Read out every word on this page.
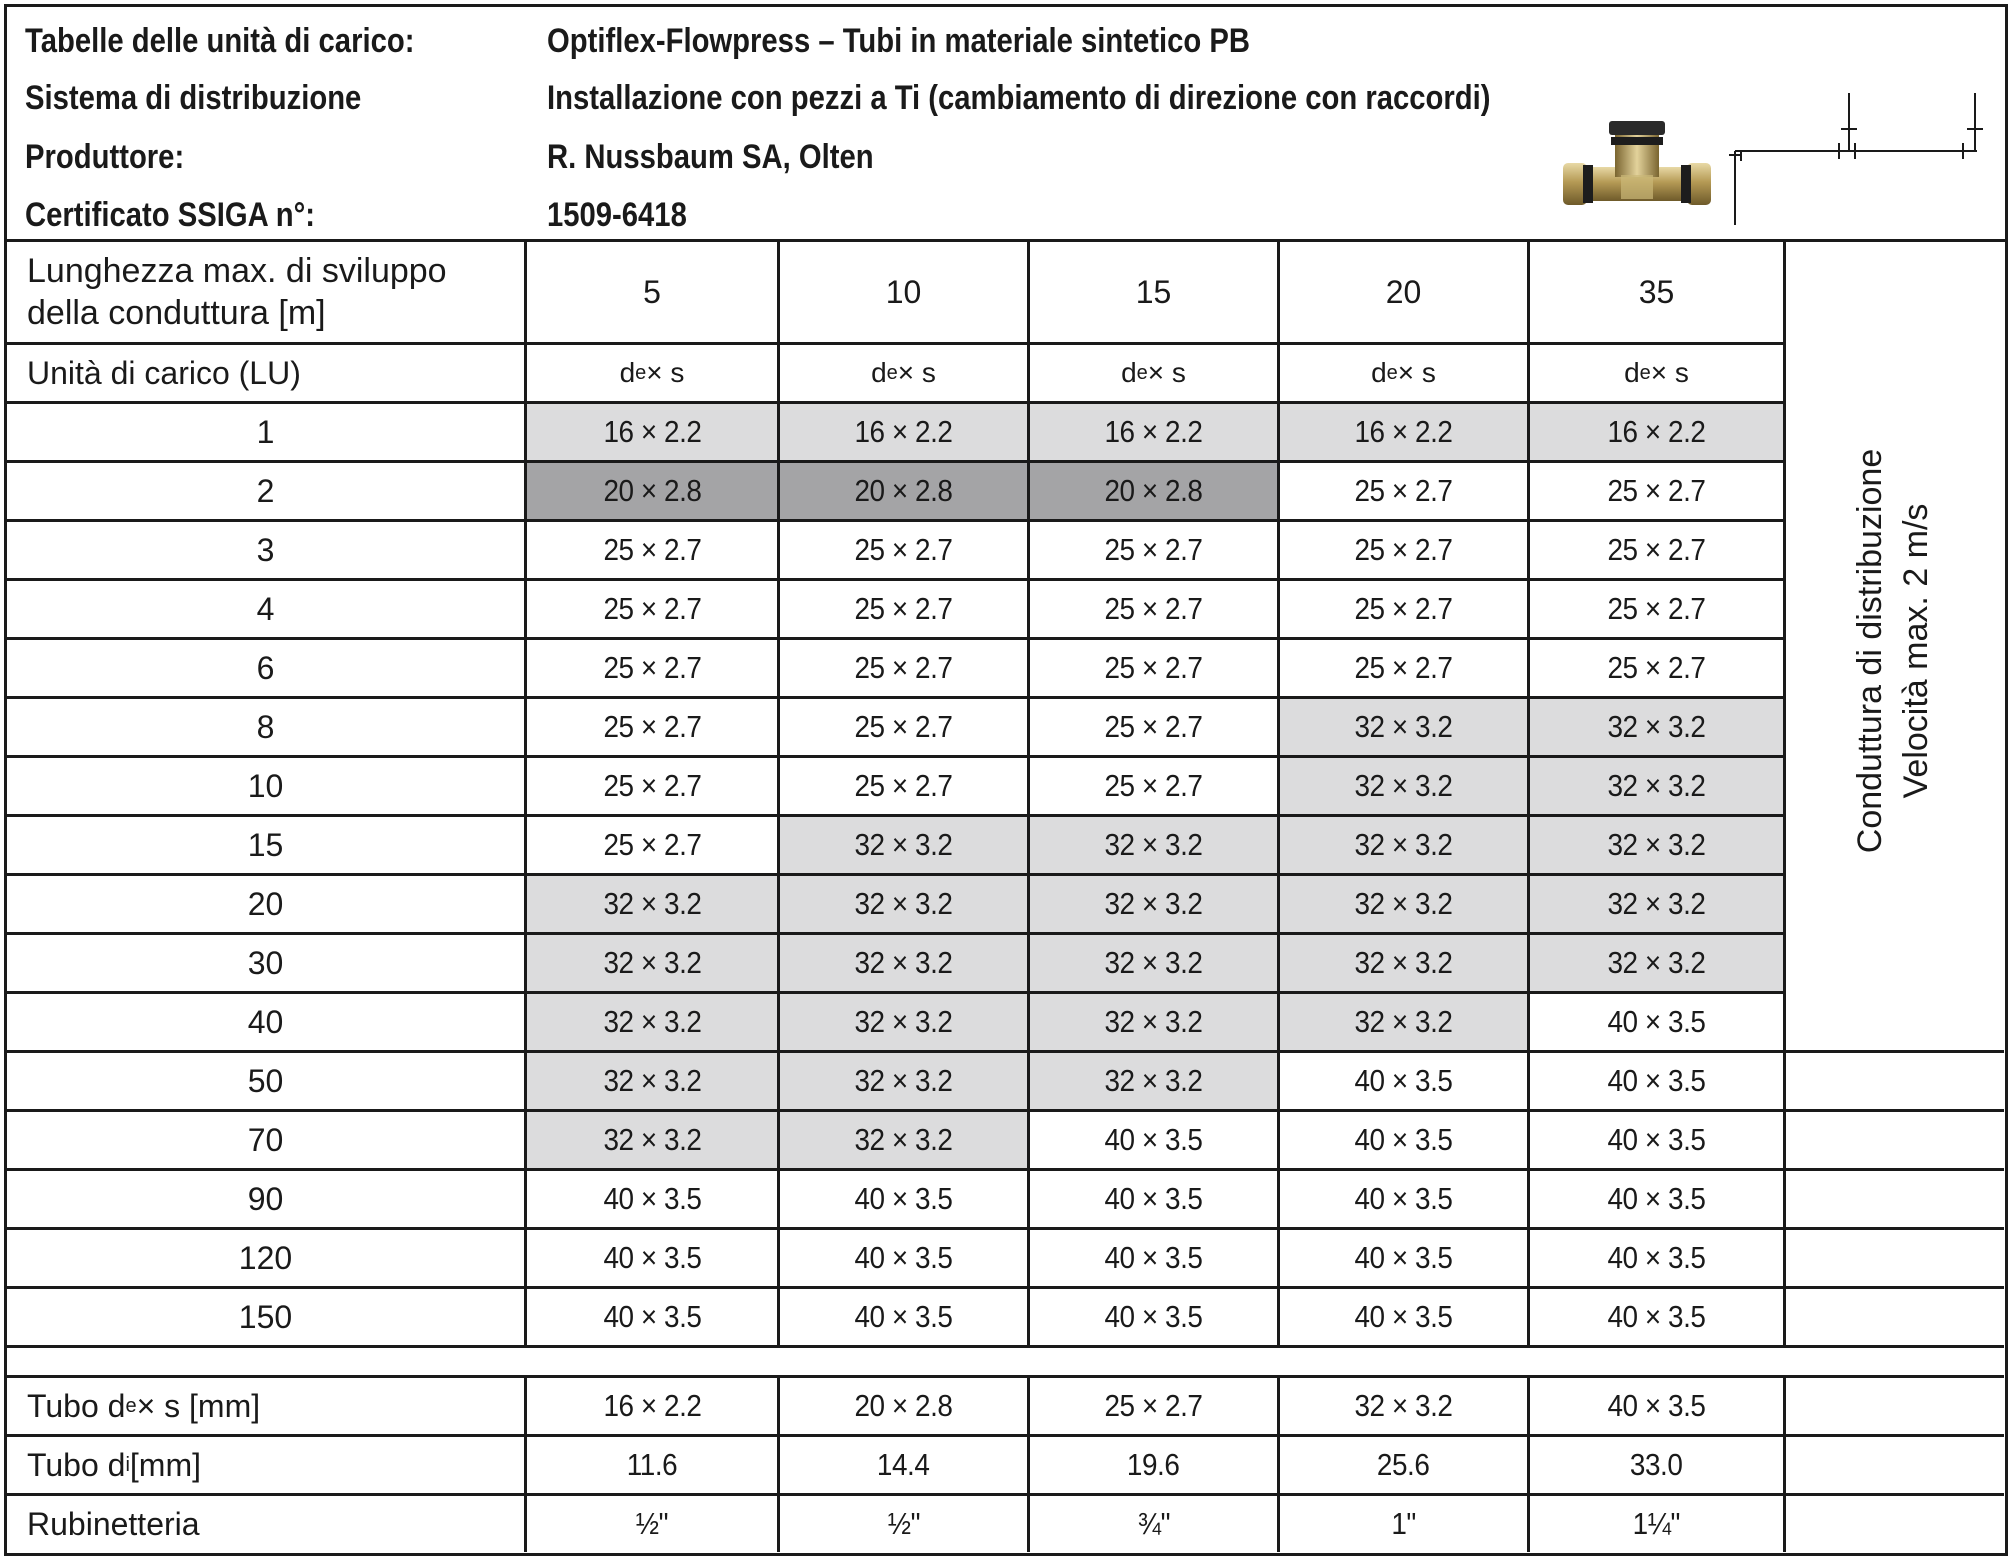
Tabelle delle unità di carico:	Optiflex-Flowpress – Tubi in materiale sintetico PB
Sistema di distribuzione	Installazione con pezzi a Ti (cambiamento di direzione con raccordi)
Produttore:	R. Nussbaum SA, Olten
Certificato SSIGA n°:	1509-6418
Lunghezza max. di sviluppo
della conduttura [m]
5	10	15	20	35
Unità di carico (LU)	d e × s	d e × s	d e × s	d e × s	d e × s
1	16 × 2.2	16 × 2.2	16 × 2.2	16 × 2.2	16 × 2.2
2	20 × 2.8	20 × 2.8	20 × 2.8	25 × 2.7	25 × 2.7
3	25 × 2.7	25 × 2.7	25 × 2.7	25 × 2.7	25 × 2.7
4	25 × 2.7	25 × 2.7	25 × 2.7	25 × 2.7	25 × 2.7
6	25 × 2.7	25 × 2.7	25 × 2.7	25 × 2.7	25 × 2.7
8	25 × 2.7	25 × 2.7	25 × 2.7	32 × 3.2	32 × 3.2
10	25 × 2.7	25 × 2.7	25 × 2.7	32 × 3.2	32 × 3.2
15	25 × 2.7	32 × 3.2	32 × 3.2	32 × 3.2	32 × 3.2
20	32 × 3.2	32 × 3.2	32 × 3.2	32 × 3.2	32 × 3.2
30	32 × 3.2	32 × 3.2	32 × 3.2	32 × 3.2	32 × 3.2
40	32 × 3.2	32 × 3.2	32 × 3.2	32 × 3.2	40 × 3.5
50	32 × 3.2	32 × 3.2	32 × 3.2	40 × 3.5	40 × 3.5
70	32 × 3.2	32 × 3.2	40 × 3.5	40 × 3.5	40 × 3.5
90	40 × 3.5	40 × 3.5	40 × 3.5	40 × 3.5	40 × 3.5
120	40 × 3.5	40 × 3.5	40 × 3.5	40 × 3.5	40 × 3.5
150	40 × 3.5	40 × 3.5	40 × 3.5	40 × 3.5	40 × 3.5
Conduttura di distribuzione Velocità max. 2 m/s
Tubo d e × s [mm]	16 × 2.2	20 × 2.8	25 × 2.7	32 × 3.2	40 × 3.5
Tubo d i [mm]	11.6	14.4	19.6	25.6	33.0
Rubinetteria	½"	½"	¾"	1"	1¼"
